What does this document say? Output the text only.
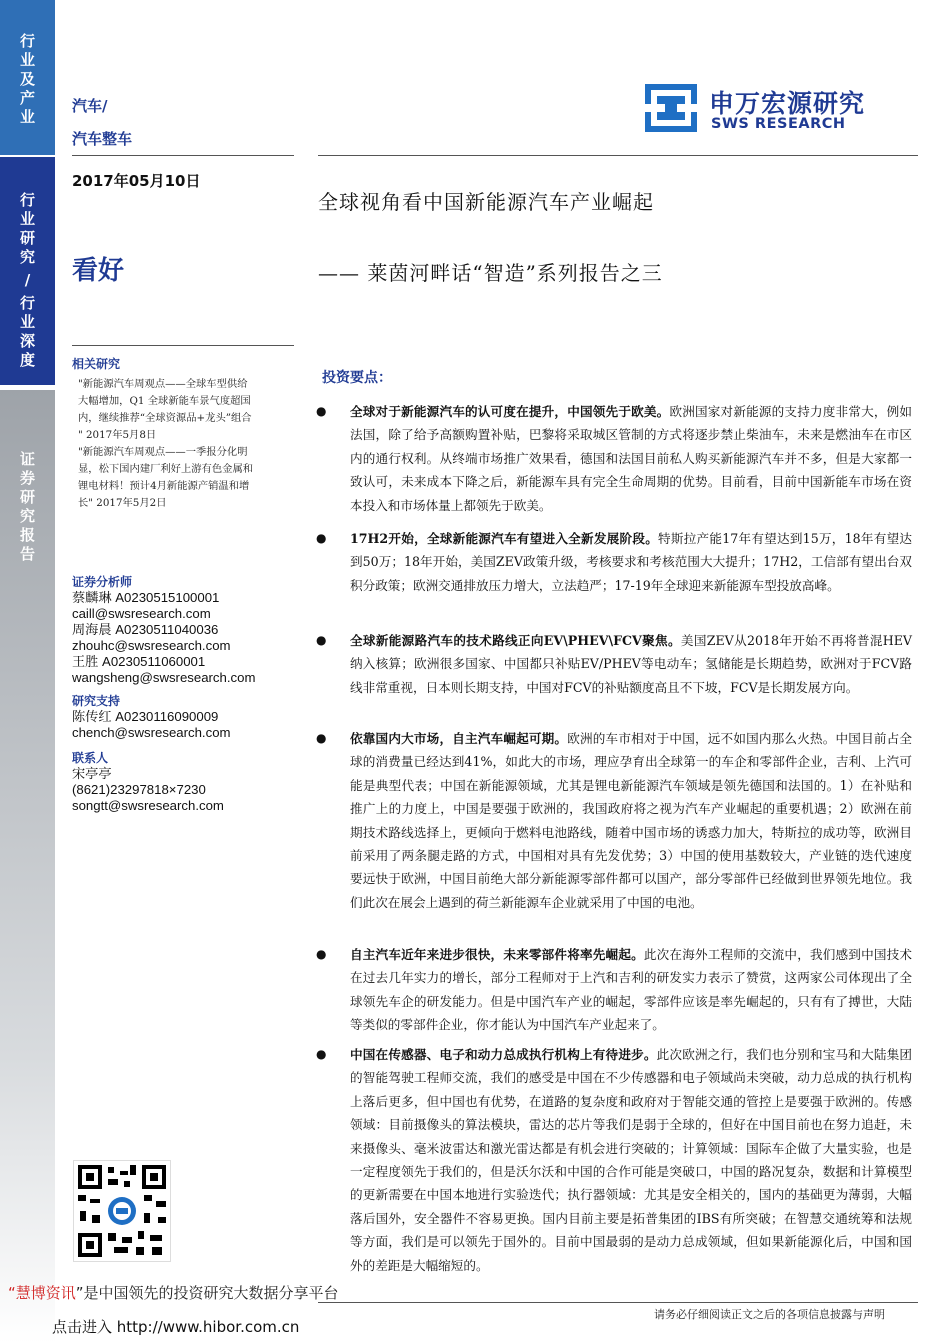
行
业
及
产
业
行
业
研
究
/
行
业
深
度
证
券
研
究
报
告
汽车/
汽车整车
申万宏源研究
SWS RESEARCH
2017年05月10日
看好
全球视角看中国新能源汽车产业崛起
—— 莱茵河畔话“智造”系列报告之三
相关研究
"新能源汽车周观点——全球车型供给
大幅增加，Q1 全球新能车景气度超国
内，继续推荐“全球资源品+龙头”组合
" 2017年5月8日
"新能源汽车周观点——一季报分化明
显，松下国内建厂利好上游有色金属和
锂电材料！预计4月新能源产销温和增
长" 2017年5月2日
证券分析师
蔡麟琳 A0230515100001
caill@swsresearch.com
周海晨 A0230511040036
zhouhc@swsresearch.com
王胜 A0230511060001
wangsheng@swsresearch.com
研究支持
陈传红 A0230116090009
chench@swsresearch.com
联系人
宋亭亭
(8621)23297818×7230
songtt@swsresearch.com
投资要点：
● 全球对于新能源汽车的认可度在提升，中国领先于欧美。欧洲国家对新能源的支持力度非常大，例如法国，除了给予高额购置补贴，巴黎将采取城区管制的方式将逐步禁止柴油车，未来是燃油车在市区内的通行权利。从终端市场推广效果看，德国和法国目前私人购买新能源汽车并不多，但是大家都一致认可，未来成本下降之后，新能源车具有完全生命周期的优势。目前看，目前中国新能车市场在资本投入和市场体量上都领先于欧美。
● 17H2开始，全球新能源汽车有望进入全新发展阶段。特斯拉产能17年有望达到15万，18年有望达到50万；18年开始，美国ZEV政策升级，考核要求和考核范围大大提升；17H2，工信部有望出台双积分政策；欧洲交通排放压力增大，立法趋严；17-19年全球迎来新能源车型投放高峰。
● 全球新能源路汽车的技术路线正向EV\PHEV\FCV聚焦。美国ZEV从2018年开始不再将普混HEV纳入核算；欧洲很多国家、中国都只补贴EV/PHEV等电动车；氢储能是长期趋势，欧洲对于FCV路线非常重视，日本则长期支持，中国对FCV的补贴额度高且不下坡，FCV是长期发展方向。
● 依靠国内大市场，自主汽车崛起可期。欧洲的车市相对于中国，远不如国内那么火热。中国目前占全球的消费量已经达到41%，如此大的市场，理应孕育出全球第一的车企和零部件企业，吉利、上汽可能是典型代表；中国在新能源领域，尤其是锂电新能源汽车领域是领先德国和法国的。1）在补贴和推广上的力度上，中国是要强于欧洲的，我国政府将之视为汽车产业崛起的重要机遇；2）欧洲在前期技术路线选择上，更倾向于燃料电池路线，随着中国市场的诱惑力加大，特斯拉的成功等，欧洲目前采用了两条腿走路的方式，中国相对具有先发优势；3）中国的使用基数较大，产业链的迭代速度要远快于欧洲，中国目前绝大部分新能源零部件都可以国产，部分零部件已经做到世界领先地位。我们此次在展会上遇到的荷兰新能源车企业就采用了中国的电池。
● 自主汽车近年来进步很快，未来零部件将率先崛起。此次在海外工程师的交流中，我们感到中国技术在过去几年实力的增长，部分工程师对于上汽和吉利的研发实力表示了赞赏，这两家公司体现出了全球领先车企的研发能力。但是中国汽车产业的崛起，零部件应该是率先崛起的，只有有了搏世，大陆等类似的零部件企业，你才能认为中国汽车产业起来了。
● 中国在传感器、电子和动力总成执行机构上有待进步。此次欧洲之行，我们也分别和宝马和大陆集团的智能驾驶工程师交流，我们的感受是中国在不少传感器和电子领域尚未突破，动力总成的执行机构上落后更多，但中国也有优势，在道路的复杂度和政府对于智能交通的管控上是要强于欧洲的。传感领域：目前摄像头的算法模块，雷达的芯片等我们是弱于全球的，但好在中国目前也在努力追赶，未来摄像头、毫米波雷达和激光雷达都是有机会进行突破的；计算领域：国际车企做了大量实验，也是一定程度领先于我们的，但是沃尔沃和中国的合作可能是突破口，中国的路况复杂，数据和计算模型的更新需要在中国本地进行实验迭代；执行器领域：尤其是安全相关的，国内的基础更为薄弱，大幅落后国外，安全器件不容易更换。国内目前主要是拓普集团的IBS有所突破；在智慧交通统筹和法规等方面，我们是可以领先于国外的。目前中国最弱的是动力总成领域，但如果新能源化后，中国和国外的差距是大幅缩短的。
“慧博资讯”是中国领先的投资研究大数据分享平台
请务必仔细阅读正文之后的各项信息披露与声明
点击进入 http://www.hibor.com.cn
